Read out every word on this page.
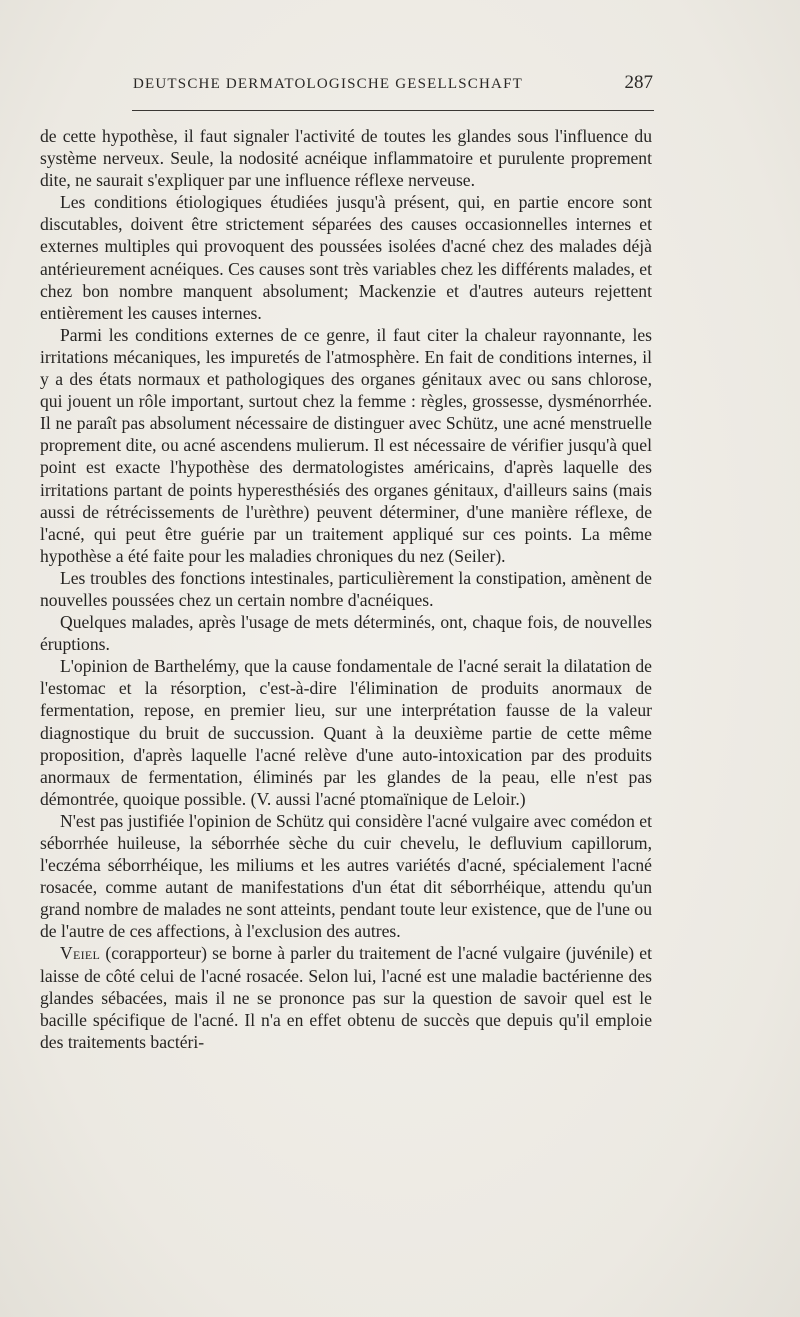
DEUTSCHE DERMATOLOGISCHE GESELLSCHAFT	287

de cette hypothèse, il faut signaler l'activité de toutes les glandes sous l'influence du système nerveux. Seule, la nodosité acnéique inflammatoire et purulente proprement dite, ne saurait s'expliquer par une influence réflexe nerveuse.

Les conditions étiologiques étudiées jusqu'à présent, qui, en partie encore sont discutables, doivent être strictement séparées des causes occasionnelles internes et externes multiples qui provoquent des poussées isolées d'acné chez des malades déjà antérieurement acnéiques. Ces causes sont très variables chez les différents malades, et chez bon nombre manquent absolument; Mackenzie et d'autres auteurs rejettent entièrement les causes internes.

Parmi les conditions externes de ce genre, il faut citer la chaleur rayonnante, les irritations mécaniques, les impuretés de l'atmosphère. En fait de conditions internes, il y a des états normaux et pathologiques des organes génitaux avec ou sans chlorose, qui jouent un rôle important, surtout chez la femme : règles, grossesse, dysménorrhée. Il ne paraît pas absolument nécessaire de distinguer avec Schütz, une acné menstruelle proprement dite, ou acné ascendens mulierum. Il est nécessaire de vérifier jusqu'à quel point est exacte l'hypothèse des dermatologistes américains, d'après laquelle des irritations partant de points hyperesthésiés des organes génitaux, d'ailleurs sains (mais aussi de rétrécissements de l'urèthre) peuvent déterminer, d'une manière réflexe, de l'acné, qui peut être guérie par un traitement appliqué sur ces points. La même hypothèse a été faite pour les maladies chroniques du nez (Seiler).

Les troubles des fonctions intestinales, particulièrement la constipation, amènent de nouvelles poussées chez un certain nombre d'acnéiques.

Quelques malades, après l'usage de mets déterminés, ont, chaque fois, de nouvelles éruptions.

L'opinion de Barthelémy, que la cause fondamentale de l'acné serait la dilatation de l'estomac et la résorption, c'est-à-dire l'élimination de produits anormaux de fermentation, repose, en premier lieu, sur une interprétation fausse de la valeur diagnostique du bruit de succussion. Quant à la deuxième partie de cette même proposition, d'après laquelle l'acné relève d'une auto-intoxication par des produits anormaux de fermentation, éliminés par les glandes de la peau, elle n'est pas démontrée, quoique possible. (V. aussi l'acné ptomaïnique de Leloir.)

N'est pas justifiée l'opinion de Schütz qui considère l'acné vulgaire avec comédon et séborrhée huileuse, la séborrhée sèche du cuir chevelu, le defluvium capillorum, l'eczéma séborrhéique, les miliums et les autres variétés d'acné, spécialement l'acné rosacée, comme autant de manifestations d'un état dit séborrhéique, attendu qu'un grand nombre de malades ne sont atteints, pendant toute leur existence, que de l'une ou de l'autre de ces affections, à l'exclusion des autres.

Veiel (corapporteur) se borne à parler du traitement de l'acné vulgaire (juvénile) et laisse de côté celui de l'acné rosacée. Selon lui, l'acné est une maladie bactérienne des glandes sébacées, mais il ne se prononce pas sur la question de savoir quel est le bacille spécifique de l'acné. Il n'a en effet obtenu de succès que depuis qu'il emploie des traitements bactéri-
